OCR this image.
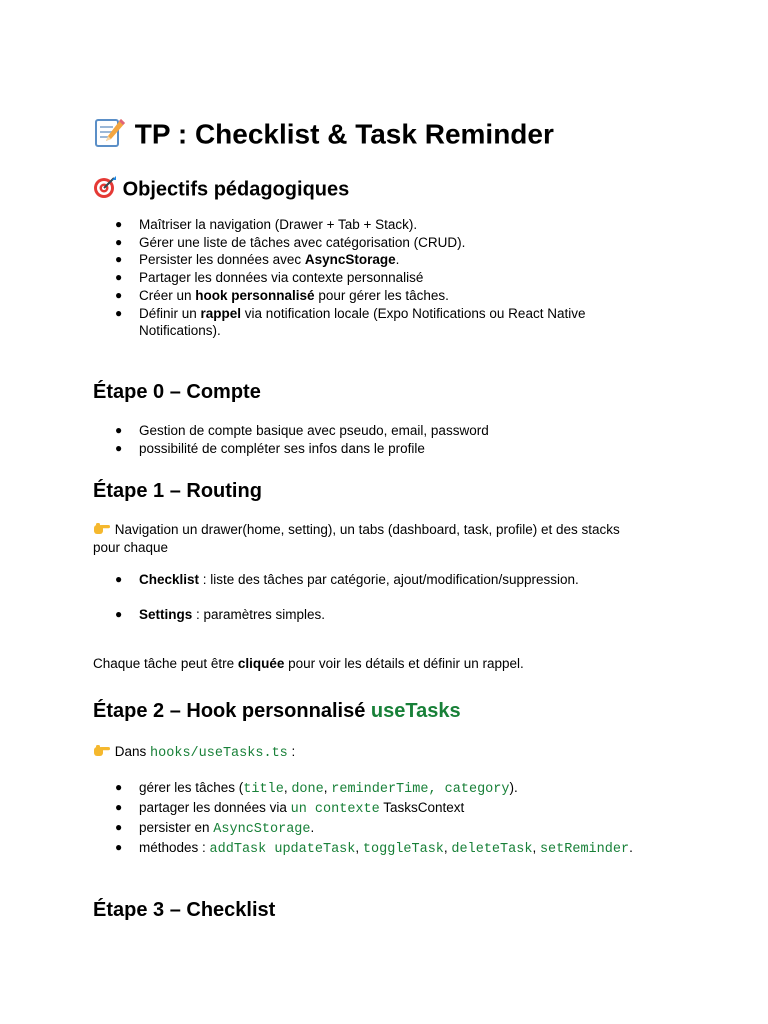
TP : Checklist & Task Reminder
Objectifs pédagogiques
● Maîtriser la navigation (Drawer + Tab + Stack).
● Gérer une liste de tâches avec catégorisation (CRUD).
● Persister les données avec AsyncStorage.
● Partager les données via contexte personnalisé
● Créer un hook personnalisé pour gérer les tâches.
● Définir un rappel via notification locale (Expo Notifications ou React Native
Notifications).
Étape 0 – Compte
● Gestion de compte basique avec pseudo, email, password
● possibilité de compléter ses infos dans le profile
Étape 1 – Routing
Navigation un drawer(home, setting), un tabs (dashboard, task, profile) et des stacks
pour chaque
● Checklist : liste des tâches par catégorie, ajout/modification/suppression.
● Settings : paramètres simples.
Chaque tâche peut être cliquée pour voir les détails et définir un rappel.
Étape 2 – Hook personnalisé useTasks
Dans hooks/useTasks.ts :
● gérer les tâches (title, done, reminderTime, category).
● partager les données via un contexte TasksContext
● persister en AsyncStorage.
● méthodes : addTask updateTask, toggleTask, deleteTask, setReminder.
Étape 3 – Checklist
